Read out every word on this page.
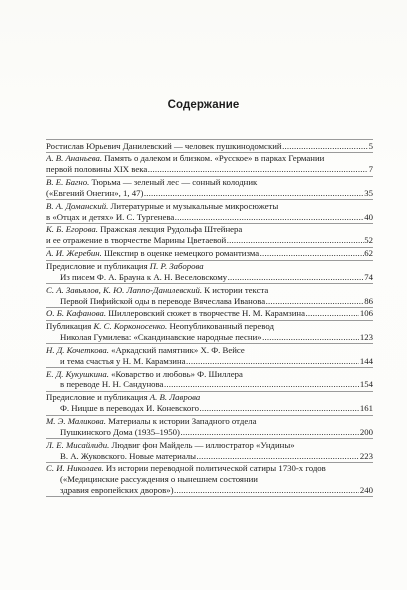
Содержание
Ростислав Юрьевич Данилевский — человек пушкинодомский .....	5
А. В. Ананьева. Память о далеком и близком. «Русское» в парках Германии
первой половины XIX века .....	7
В. Е. Багно. Тюрьма — зеленый лес — сонный колодник
(«Евгений Онегин», 1, 47) .....	35
В. А. Доманский. Литературные и музыкальные микросюжеты
в «Отцах и детях» И. С. Тургенева .....	40
К. Б. Егорова. Пражская лекция Рудольфа Штейнера
и ее отражение в творчестве Марины Цветаевой .....	52
А. И. Жеребин. Шекспир в оценке немецкого романтизма .....	62
Предисловие и публикация П. Р. Заборова
Из писем Ф. А. Брауна к А. Н. Веселовскому .....	74
С. А. Завьялов, К. Ю. Лаппо-Данилевский. К истории текста
Первой Пифийской оды в переводе Вячеслава Иванова .....	86
О. Б. Кафанова. Шиллеровский сюжет в творчестве Н. М. Карамзина .....	106
Публикация К. С. Корконосенко. Неопубликованный перевод
Николая Гумилева: «Скандинавские народные песни» .....	123
Н. Д. Кочеткова. «Аркадский памятник» Х. Ф. Вейсе
и тема счастья у Н. М. Карамзина .....	144
Е. Д. Кукушкина. «Коварство и любовь» Ф. Шиллера
в переводе Н. Н. Сандунова .....	154
Предисловие и публикация А. В. Лаврова
Ф. Ницше в переводах И. Коневского .....	161
М. Э. Маликова. Материалы к истории Западного отдела
Пушкинского Дома (1935–1950) .....	200
Л. Е. Мисайлиди. Людвиг фон Майдель — иллюстратор «Ундины»
В. А. Жуковского. Новые материалы .....	223
С. И. Николаев. Из истории переводной политической сатиры 1730-х годов
(«Медицинские рассуждения о нынешнем состоянии
здравия европейских дворов») .....	240
